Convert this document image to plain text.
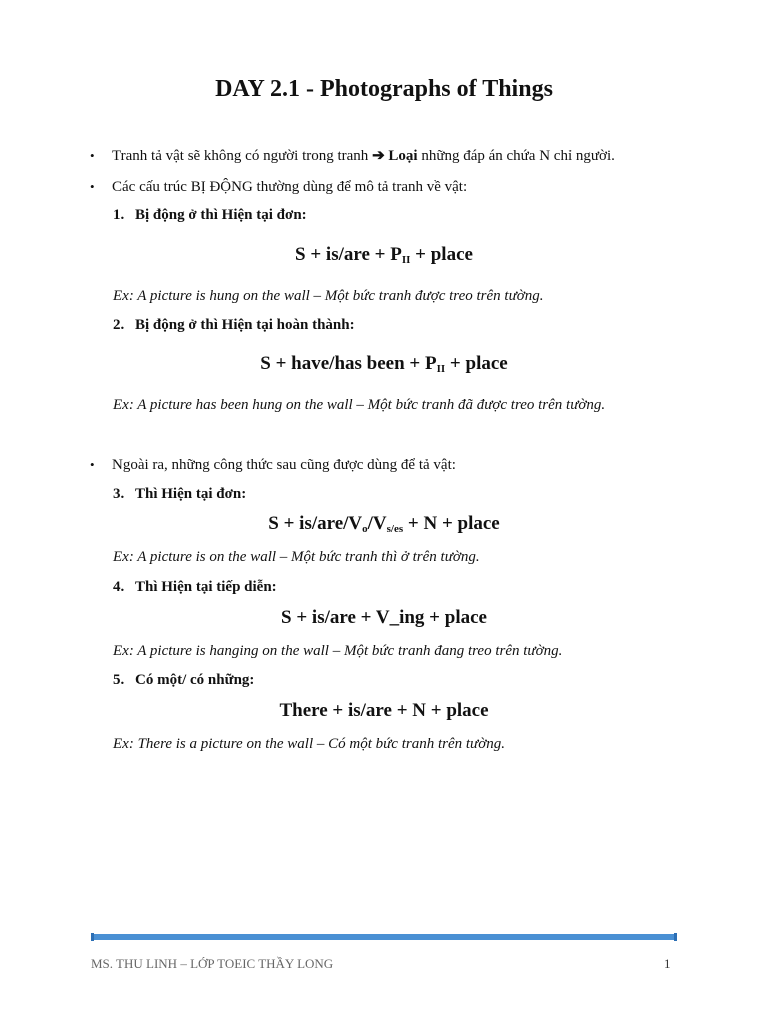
DAY 2.1 - Photographs of Things
• Tranh tả vật sẽ không có người trong tranh ➔ Loại những đáp án chứa N chỉ người.
• Các cấu trúc BỊ ĐỘNG thường dùng để mô tả tranh về vật:
1. Bị động ở thì Hiện tại đơn:
$S + is/are + P_{II}$ + place
Ex: A picture is hung on the wall – Một bức tranh được treo trên tường.
2. Bị động ở thì Hiện tại hoàn thành:
S + have/has been + $P_{II}$ + place
Ex: A picture has been hung on the wall – Một bức tranh đã được treo trên tường.
• Ngoài ra, những công thức sau cũng được dùng để tả vật:
3. Thì Hiện tại đơn:
$S + is/are/V_o/V_{s/es} + N$ + place
Ex: A picture is on the wall – Một bức tranh thì ở trên tường.
4. Thì Hiện tại tiếp diễn:
S + is/are + V_ing + place
Ex: A picture is hanging on the wall – Một bức tranh đang treo trên tường.
5. Có một/ có những:
There + is/are + N + place
Ex: There is a picture on the wall – Có một bức tranh trên tường.
MS. THU LINH – LỚP TOEIC THẦY LONG	1
